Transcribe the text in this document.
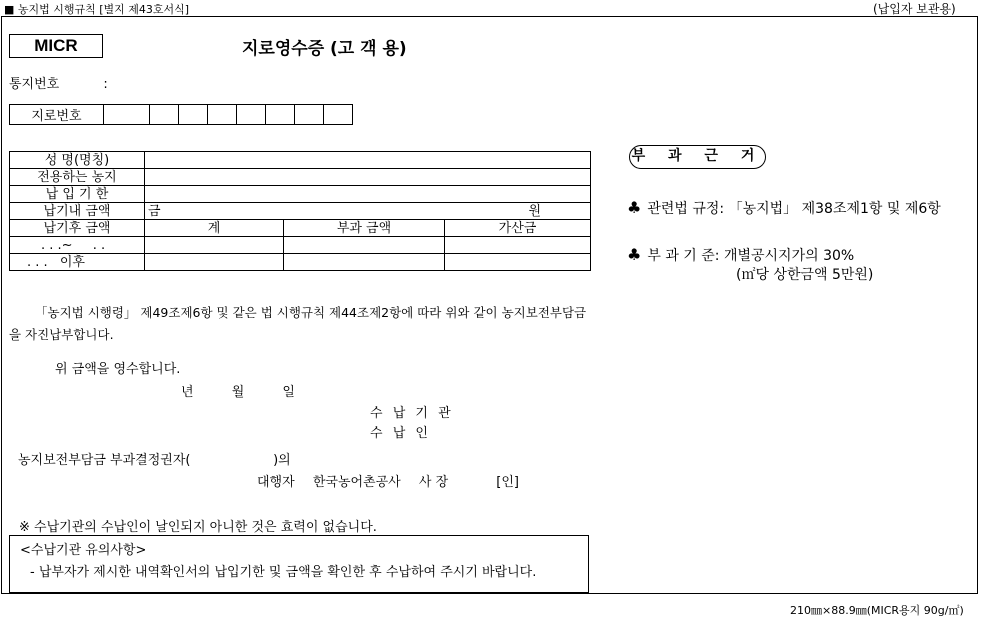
■ 농지법 시행규칙 [별지 제43호서식]	(납입자 보관용)
MICR	지로영수증 (고 객 용)
통지번호	:
지로번호								
성 명(명칭)			
전용하는 농지			
납 입 기 한			
납기내 금액	금 원		

납기후 금액	계	부과 금액	가산금
. . .~ . .			
. . . 이후			
「농지법 시행령」 제49조제6항 및 같은 법 시행규칙 제44조제2항에 따라 위와 같이 농지보전부담금을 자진납부합니다.
위 금액을 영수합니다.
년	월	일
수 납 기 관
수 납 인
농지보전부담금 부과결정권자(                    )의
대행자 한국농어촌공사 사 장	[인]
※ 수납기관의 수납인이 날인되지 아니한 것은 효력이 없습니다.
<수납기관 유의사항>
- 납부자가 제시한 내역확인서의 납입기한 및 금액을 확인한 후 수납하여 주시기 바랍니다.
부 과 근 거
♣ 관련법 규정: 「농지법」 제38조제1항 및 제6항
♣ 부 과 기 준: 개별공시지가의 30%
(㎡당 상한금액 5만원)
210㎜×88.9㎜(MICR용지 90g/㎡)
